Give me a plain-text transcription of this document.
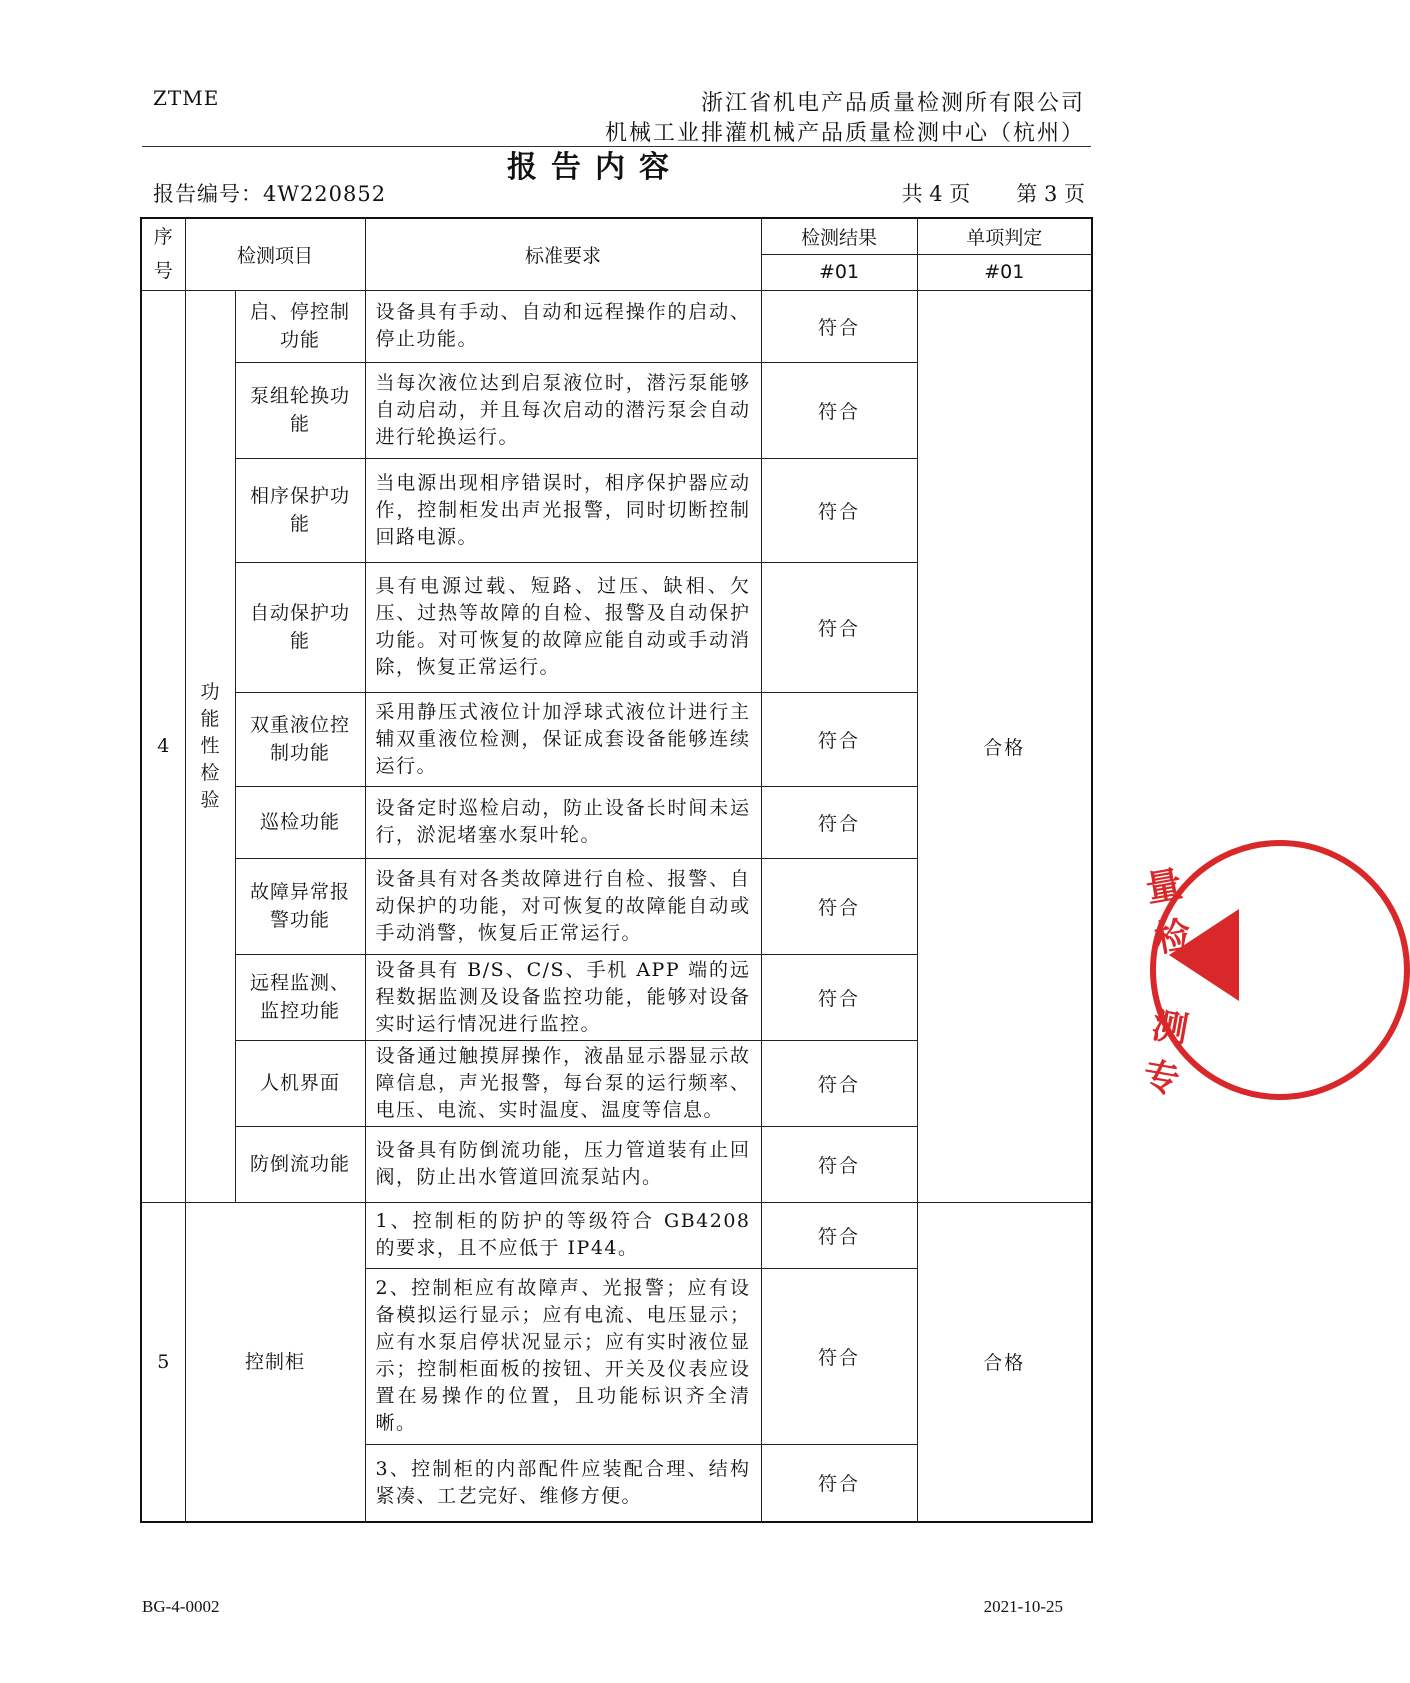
ZTME	浙江省机电产品质量检测所有限公司
机械工业排灌机械产品质量检测中心（杭州）
报告内容
报告编号：4W220852	共 4 页 第 3 页
序号	检测项目		标准要求	检测结果	单项判定
				#01	#01
4	功能性检验	启、停控制功能	设备具有手动、自动和远程操作的启动、停止功能。	符合	合格
		泵组轮换功能	当每次液位达到启泵液位时，潜污泵能够自动启动，并且每次启动的潜污泵会自动进行轮换运行。	符合	
		相序保护功能	当电源出现相序错误时，相序保护器应动作，控制柜发出声光报警，同时切断控制回路电源。	符合	
		自动保护功能	具有电源过载、短路、过压、缺相、欠压、过热等故障的自检、报警及自动保护功能。对可恢复的故障应能自动或手动消除，恢复正常运行。	符合	
		双重液位控制功能	采用静压式液位计加浮球式液位计进行主辅双重液位检测，保证成套设备能够连续运行。	符合	
		巡检功能	设备定时巡检启动，防止设备长时间未运行，淤泥堵塞水泵叶轮。	符合	
		故障异常报警功能	设备具有对各类故障进行自检、报警、自动保护的功能，对可恢复的故障能自动或手动消警，恢复后正常运行。	符合	
		远程监测、监控功能	设备具有 B/S、C/S、手机 APP 端的远程数据监测及设备监控功能，能够对设备实时运行情况进行监控。	符合	
		人机界面	设备通过触摸屏操作，液晶显示器显示故障信息，声光报警，每台泵的运行频率、电压、电流、实时温度、温度等信息。	符合	
		防倒流功能	设备具有防倒流功能，压力管道装有止回阀，防止出水管道回流泵站内。	符合	
5	控制柜		1、控制柜的防护的等级符合 GB4208 的要求，且不应低于 IP44。	符合	合格
			2、控制柜应有故障声、光报警；应有设备模拟运行显示；应有电流、电压显示；应有水泵启停状况显示；应有实时液位显示；控制柜面板的按钮、开关及仪表应设置在易操作的位置，且功能标识齐全清晰。	符合	
			3、控制柜的内部配件应装配合理、结构紧凑、工艺完好、维修方便。	符合	
量检
测专
BG-4-0002	2021-10-25
